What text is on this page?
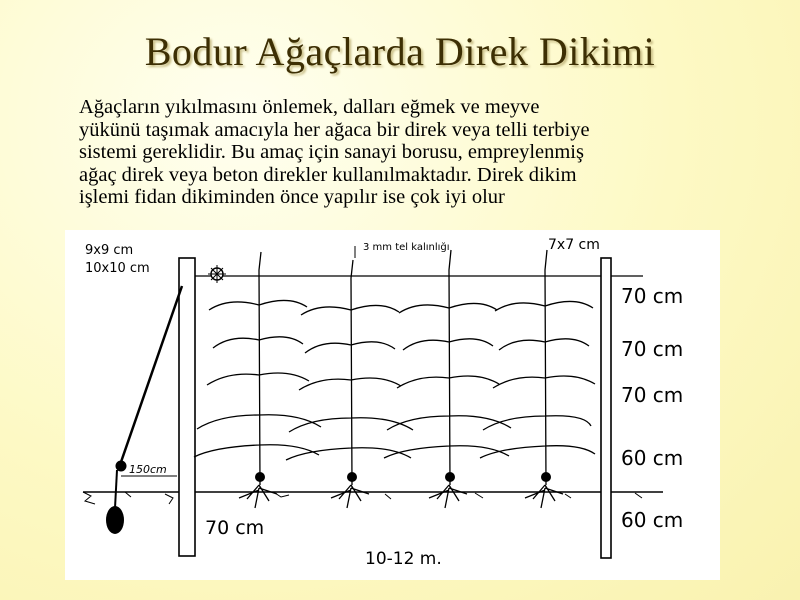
Bodur Ağaçlarda Direk Dikimi
Ağaçların yıkılmasını önlemek, dalları eğmek ve meyve
yükünü taşımak amacıyla her ağaca bir direk veya telli terbiye
sistemi gereklidir. Bu amaç için sanayi borusu, empreylenmiş
ağaç direk veya beton direkler kullanılmaktadır. Direk dikim
işlemi fidan dikiminden önce yapılır ise çok iyi olur
9x9 cm
10x10 cm
3 mm tel kalınlığı	7x7 cm
70 cm
10-12 m.
70 cm
70 cm
70 cm
60 cm
60 cm
150cm
